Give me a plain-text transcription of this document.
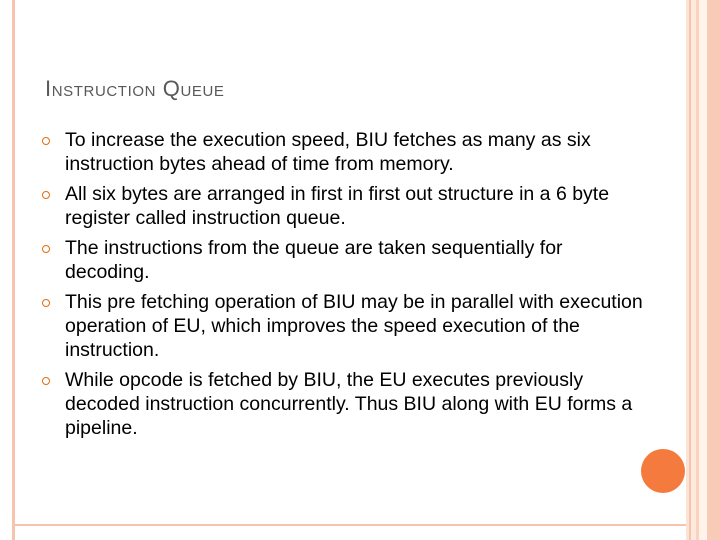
Instruction Queue
To increase the execution speed, BIU fetches as many as six instruction bytes ahead of time from memory.
All six bytes are arranged in first in first out structure in a 6 byte register called instruction queue.
The instructions from the queue are taken sequentially for decoding.
This pre fetching operation of BIU may be in parallel with execution operation of EU, which improves the speed execution of the instruction.
While opcode is fetched by BIU, the EU executes previously decoded instruction concurrently. Thus BIU along with EU forms a pipeline.
